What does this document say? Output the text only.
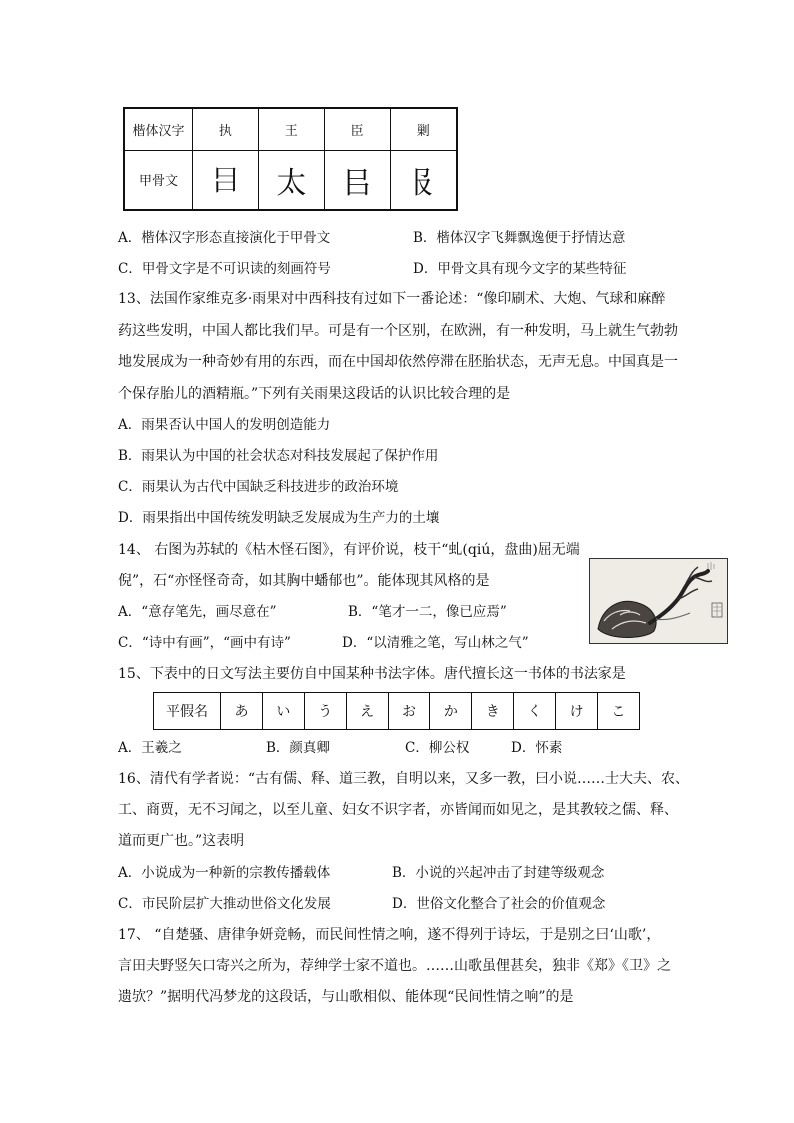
楷体汉字	执	王	臣	剿
甲骨文	𤕪	太	㠯	𠬝
A．楷体汉字形态直接演化于甲骨文	B．楷体汉字飞舞飘逸便于抒情达意
C．甲骨文字是不可识读的刻画符号	D．甲骨文具有现今文字的某些特征
13、法国作家维克多·雨果对中西科技有过如下一番论述：“像印刷术、大炮、气球和麻醉
药这些发明，中国人都比我们早。可是有一个区别，在欧洲，有一种发明，马上就生气勃勃
地发展成为一种奇妙有用的东西，而在中国却依然停滞在胚胎状态，无声无息。中国真是一
个保存胎儿的酒精瓶。”下列有关雨果这段话的认识比较合理的是
A．雨果否认中国人的发明创造能力
B．雨果认为中国的社会状态对科技发展起了保护作用
C．雨果认为古代中国缺乏科技进步的政治环境
D．雨果指出中国传统发明缺乏发展成为生产力的土壤
14、 右图为苏轼的《枯木怪石图》，有评价说，枝干“虬(qiú，盘曲)屈无端
倪”，石“亦怪怪奇奇，如其胸中蟠郁也”。能体现其风格的是
A．“意存笔先，画尽意在”	B．“笔才一二，像已应焉”
C．“诗中有画”，“画中有诗”	D．“以清雅之笔，写山林之气”
15、下表中的日文写法主要仿自中国某种书法字体。唐代擅长这一书体的书法家是
平假名	あ	い	う	え	お	か	き	く	け	こ
A．王羲之	B．颜真卿	C．柳公权	D．怀素
16、清代有学者说：“古有儒、释、道三教，自明以来，又多一教，曰小说……士大夫、农、
工、商贾，无不习闻之，以至儿童、妇女不识字者，亦皆闻而如见之，是其教较之儒、释、
道而更广也。”这表明
A．小说成为一种新的宗教传播载体	B．小说的兴起冲击了封建等级观念
C．市民阶层扩大推动世俗文化发展	D．世俗文化整合了社会的价值观念
17、 “自楚骚、唐律争妍竞畅，而民间性情之响，遂不得列于诗坛，于是别之曰‘山歌’，
言田夫野竖矢口寄兴之所为，荐绅学士家不道也。……山歌虽俚甚矣，独非《郑》《卫》之
遗欤？”据明代冯梦龙的这段话，与山歌相似、能体现“民间性情之响”的是
